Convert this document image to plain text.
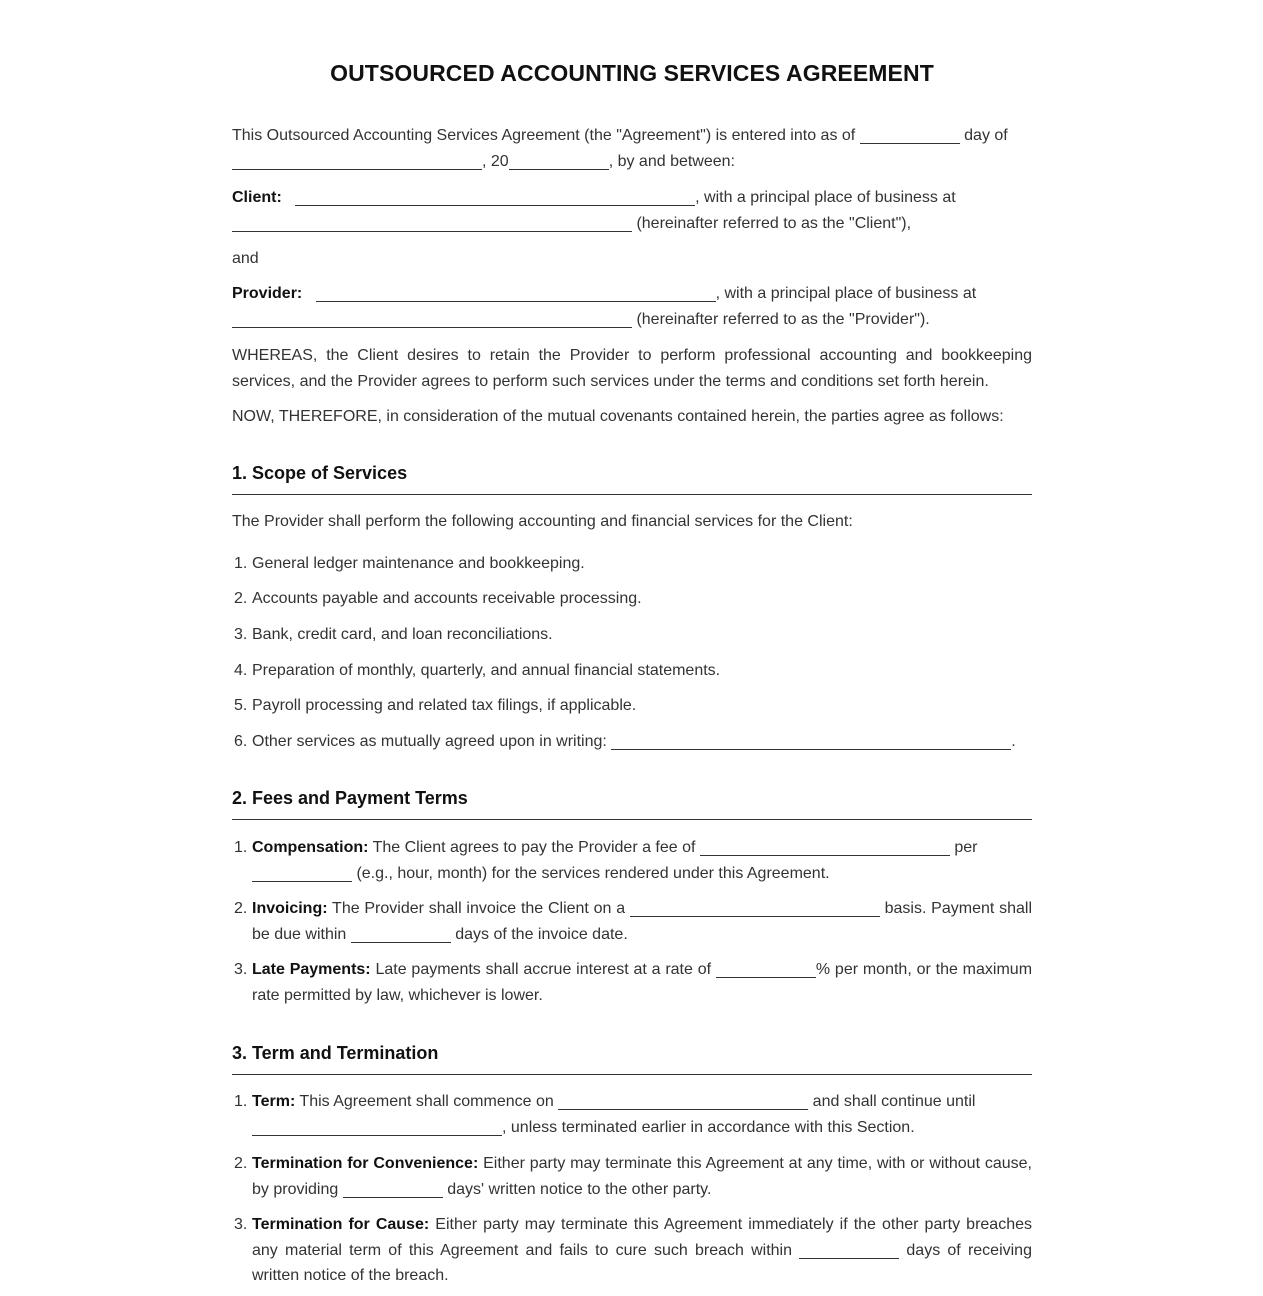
OUTSOURCED ACCOUNTING SERVICES AGREEMENT
This Outsourced Accounting Services Agreement (the "Agreement") is entered into as of	day of
, 20	, by and between:
Client:	, with a principal place of business at
(hereinafter referred to as the "Client"),
and
Provider:	, with a principal place of business at
(hereinafter referred to as the "Provider").
WHEREAS, the Client desires to retain the Provider to perform professional accounting and bookkeeping services, and the Provider agrees to perform such services under the terms and conditions set forth herein.
NOW, THEREFORE, in consideration of the mutual covenants contained herein, the parties agree as follows:
1. Scope of Services
The Provider shall perform the following accounting and financial services for the Client:
1. General ledger maintenance and bookkeeping.
2. Accounts payable and accounts receivable processing.
3. Bank, credit card, and loan reconciliations.
4. Preparation of monthly, quarterly, and annual financial statements.
5. Payroll processing and related tax filings, if applicable.
6. Other services as mutually agreed upon in writing:	.
2. Fees and Payment Terms
1. Compensation: The Client agrees to pay the Provider a fee of	per
(e.g., hour, month) for the services rendered under this Agreement.
2. Invoicing: The Provider shall invoice the Client on a	basis. Payment shall be due within	days of the invoice date.
3. Late Payments: Late payments shall accrue interest at a rate of	% per month, or the maximum rate permitted by law, whichever is lower.
3. Term and Termination
1. Term: This Agreement shall commence on	and shall continue until
, unless terminated earlier in accordance with this Section.
2. Termination for Convenience: Either party may terminate this Agreement at any time, with or without cause, by providing	days' written notice to the other party.
3. Termination for Cause: Either party may terminate this Agreement immediately if the other party breaches any material term of this Agreement and fails to cure such breach within	days of receiving written notice of the breach.
